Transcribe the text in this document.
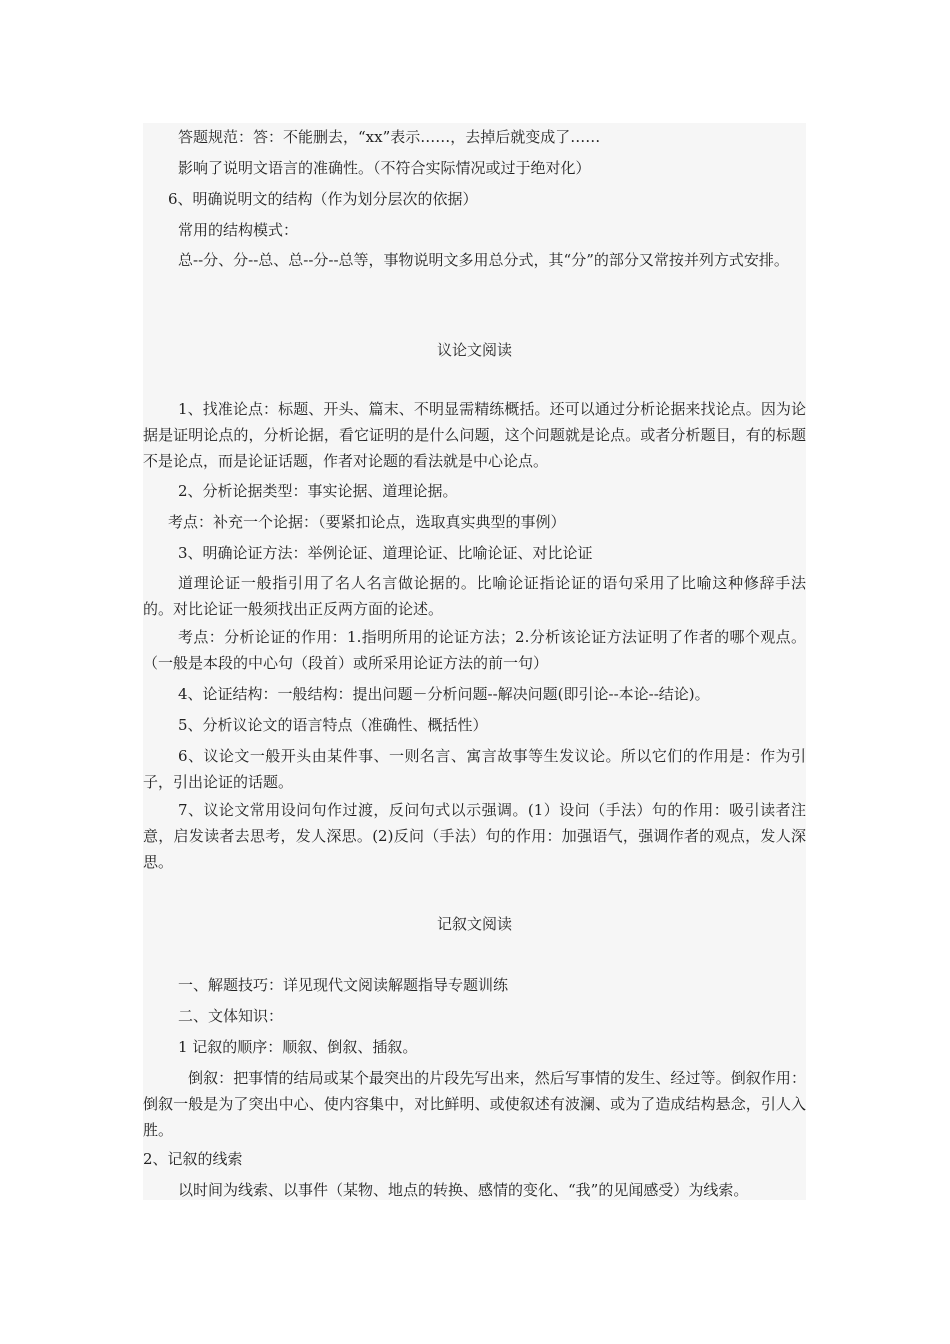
答题规范：答：不能删去，“xx”表示……，去掉后就变成了……
影响了说明文语言的准确性。（不符合实际情况或过于绝对化）
6、明确说明文的结构（作为划分层次的依据）
常用的结构模式：
总--分、分--总、总--分--总等，事物说明文多用总分式，其“分”的部分又常按并列方式安排。
议论文阅读
1、找准论点：标题、开头、篇末、不明显需精练概括。还可以通过分析论据来找论点。因为论据是证明论点的，分析论据，看它证明的是什么问题，这个问题就是论点。或者分析题目，有的标题不是论点，而是论证话题，作者对论题的看法就是中心论点。
2、分析论据类型：事实论据、道理论据。
考点：补充一个论据：（要紧扣论点，选取真实典型的事例）
3、明确论证方法：举例论证、道理论证、比喻论证、对比论证
道理论证一般指引用了名人名言做论据的。比喻论证指论证的语句采用了比喻这种修辞手法的。对比论证一般须找出正反两方面的论述。
考点：分析论证的作用：1.指明所用的论证方法；2.分析该论证方法证明了作者的哪个观点。（一般是本段的中心句（段首）或所采用论证方法的前一句）
4、论证结构：一般结构：提出问题－分析问题--解决问题(即引论--本论--结论)。
5、分析议论文的语言特点（准确性、概括性）
6、议论文一般开头由某件事、一则名言、寓言故事等生发议论。所以它们的作用是：作为引子，引出论证的话题。
7、议论文常用设问句作过渡，反问句式以示强调。(1）设问（手法）句的作用：吸引读者注意，启发读者去思考，发人深思。(2)反问（手法）句的作用：加强语气，强调作者的观点，发人深思。
记叙文阅读
一、解题技巧：详见现代文阅读解题指导专题训练
二、文体知识：
1 记叙的顺序：顺叙、倒叙、插叙。
倒叙：把事情的结局或某个最突出的片段先写出来，然后写事情的发生、经过等。倒叙作用：倒叙一般是为了突出中心、使内容集中，对比鲜明、或使叙述有波澜、或为了造成结构悬念，引人入胜。
2、记叙的线索
以时间为线索、以事件（某物、地点的转换、感情的变化、“我”的见闻感受）为线索。
